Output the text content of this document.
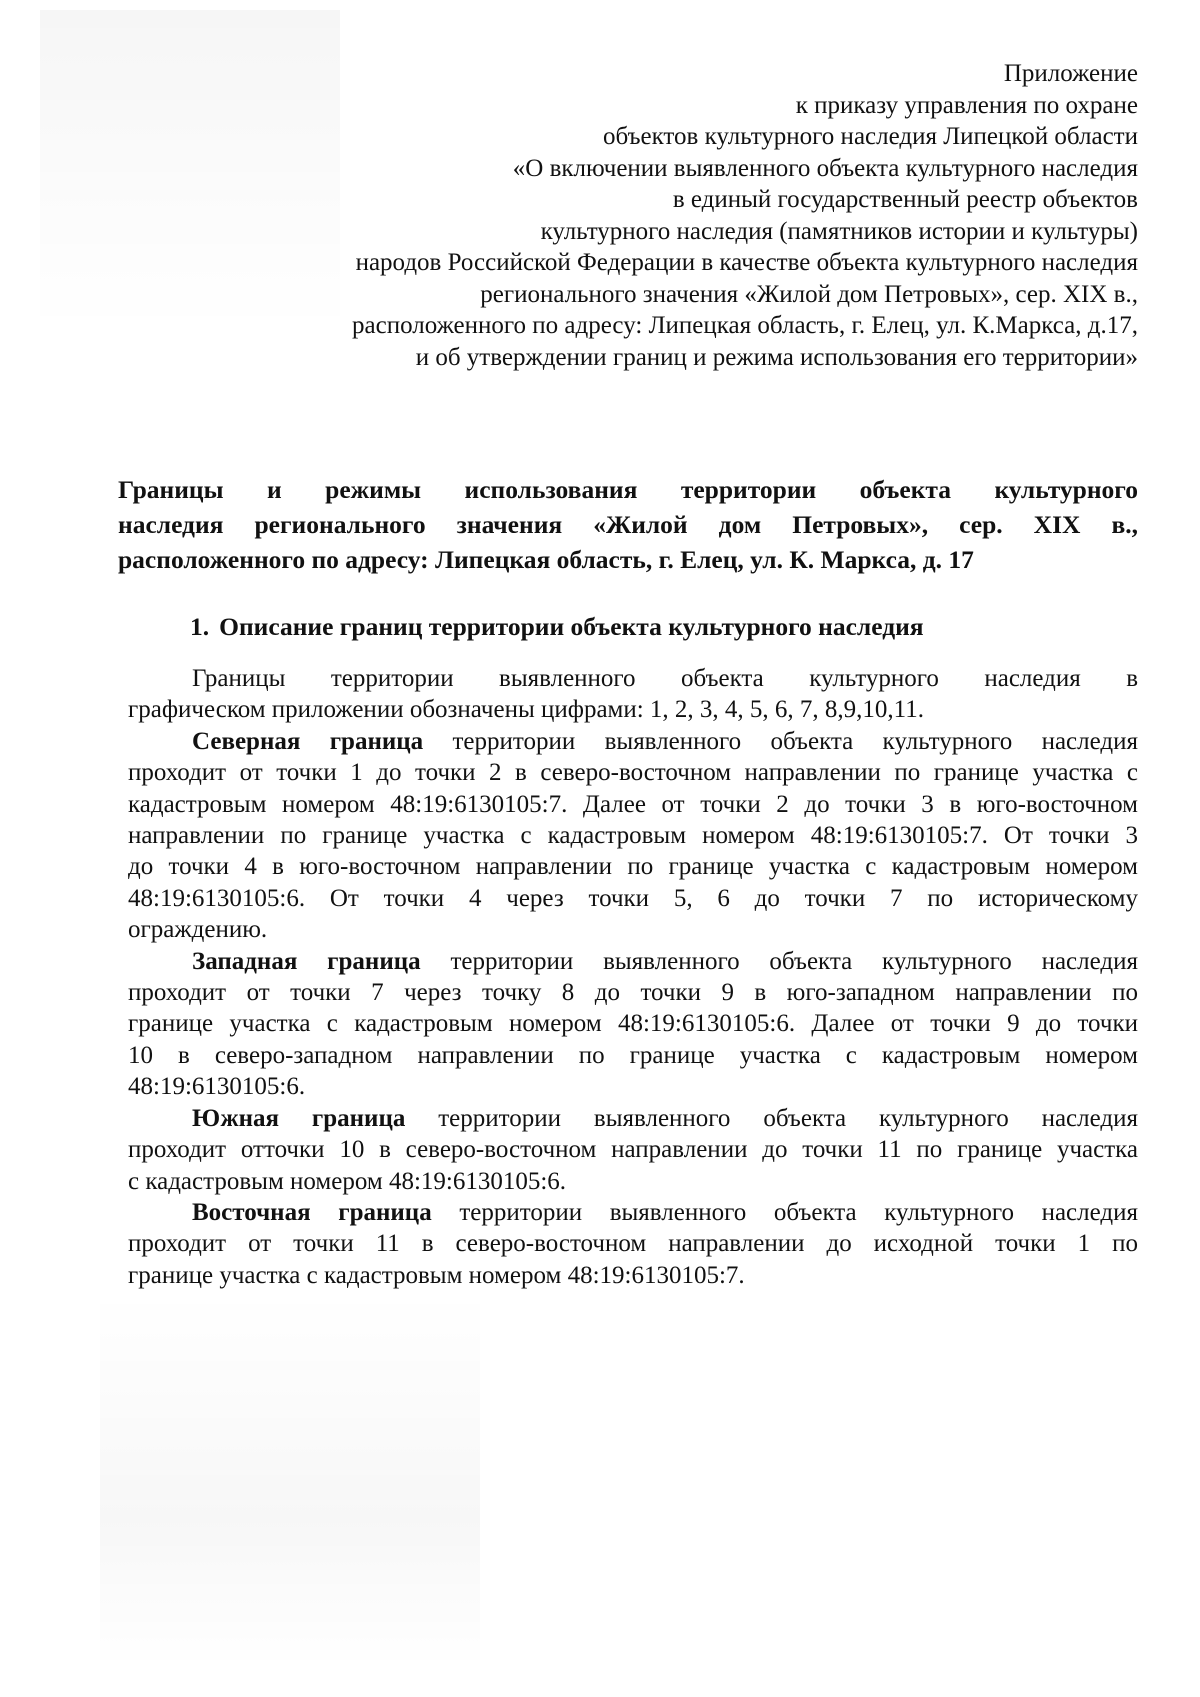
Приложение
к приказу управления по охране
объектов культурного наследия Липецкой области
«О включении выявленного объекта культурного наследия
в единый государственный реестр объектов
культурного наследия (памятников истории и культуры)
народов Российской Федерации в качестве объекта культурного наследия
регионального значения «Жилой дом Петровых», сер. XIX в.,
расположенного по адресу: Липецкая область, г. Елец, ул. К.Маркса, д.17,
и об утверждении границ и режима использования его территории»
Границы и режимы использования территории объекта культурного
наследия регионального значения «Жилой дом Петровых», сер. XIX в.,
расположенного по адресу: Липецкая область, г. Елец, ул. К. Маркса, д. 17
1. Описание границ территории объекта культурного наследия
Границы территории выявленного объекта культурного наследия в
графическом приложении обозначены цифрами: 1, 2, 3, 4, 5, 6, 7, 8,9,10,11.
Северная граница территории выявленного объекта культурного наследия
проходит от точки 1 до точки 2 в северо-восточном направлении по границе участка с
кадастровым номером 48:19:6130105:7. Далее от точки 2 до точки 3 в юго-восточном
направлении по границе участка с кадастровым номером 48:19:6130105:7. От точки 3
до точки 4 в юго-восточном направлении по границе участка с кадастровым номером
48:19:6130105:6. От точки 4 через точки 5, 6 до точки 7 по историческому
ограждению.
Западная граница территории выявленного объекта культурного наследия
проходит от точки 7 через точку 8 до точки 9 в юго-западном направлении по
границе участка с кадастровым номером 48:19:6130105:6. Далее от точки 9 до точки
10 в северо-западном направлении по границе участка с кадастровым номером
48:19:6130105:6.
Южная граница территории выявленного объекта культурного наследия
проходит отточки 10 в северо-восточном направлении до точки 11 по границе участка
с кадастровым номером 48:19:6130105:6.
Восточная граница территории выявленного объекта культурного наследия
проходит от точки 11 в северо-восточном направлении до исходной точки 1 по
границе участка с кадастровым номером 48:19:6130105:7.
